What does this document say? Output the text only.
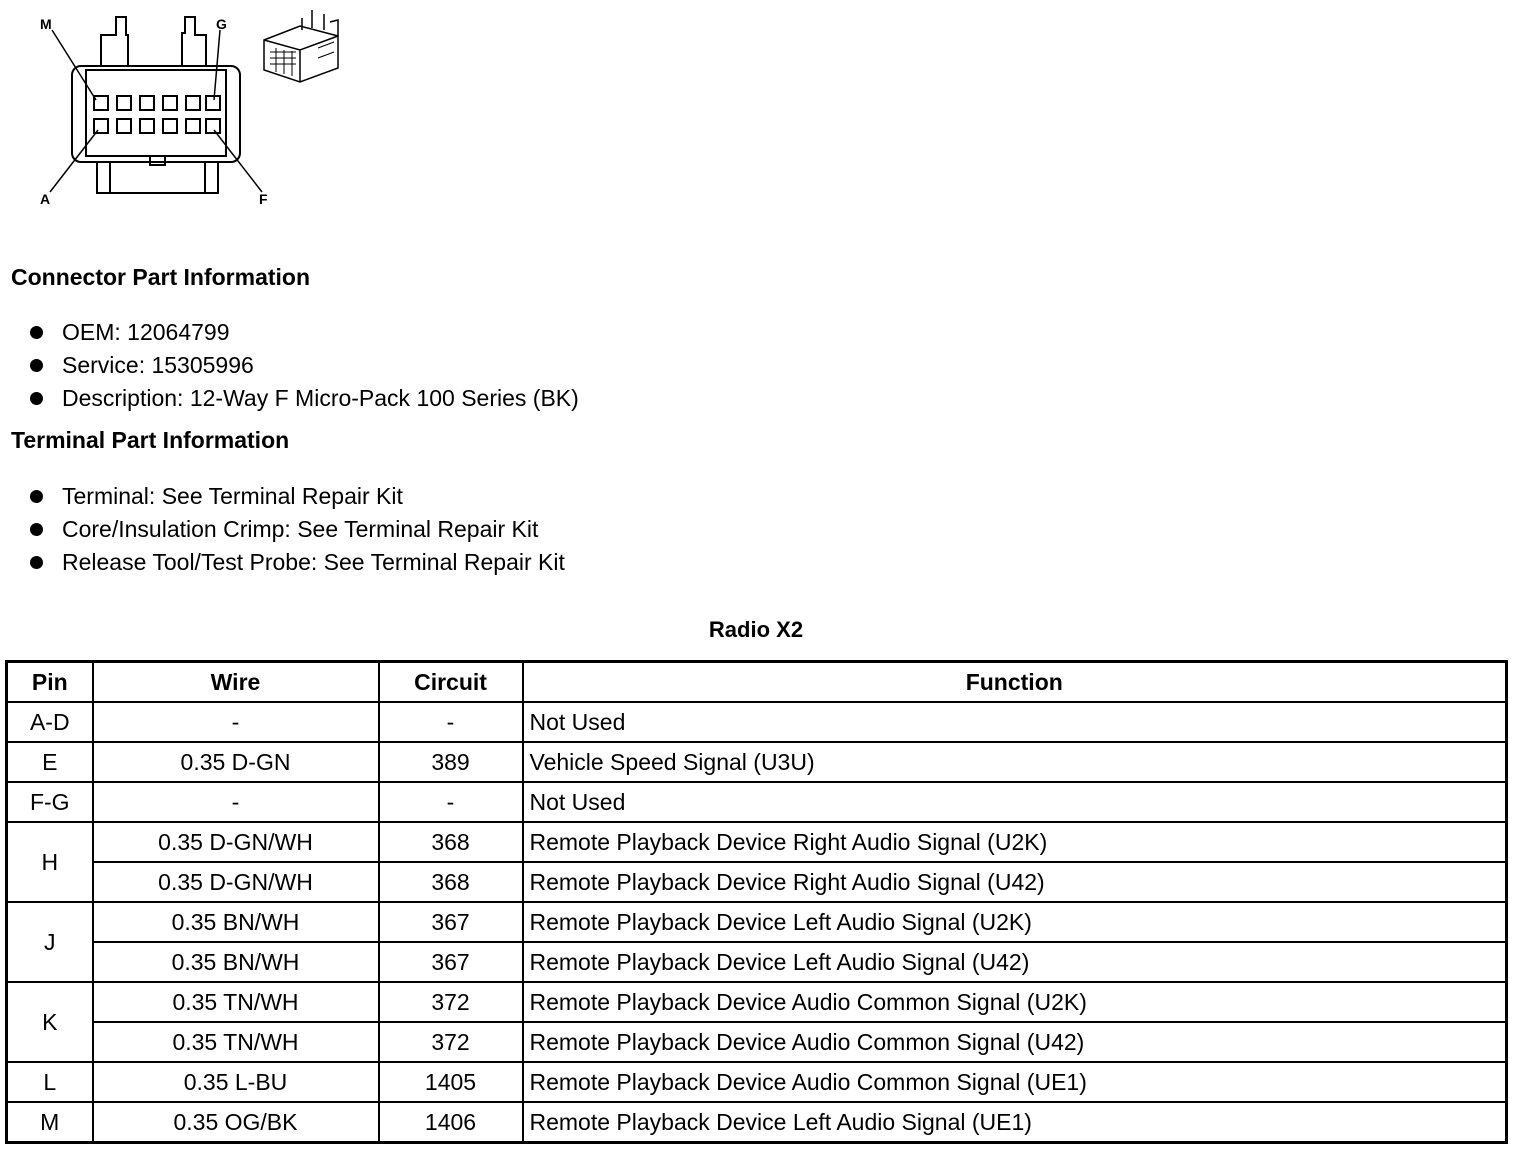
M	G
A	F
Connector Part Information
OEM: 12064799
Service: 15305996
Description: 12-Way F Micro-Pack 100 Series (BK)
Terminal Part Information
Terminal: See Terminal Repair Kit
Core/Insulation Crimp: See Terminal Repair Kit
Release Tool/Test Probe: See Terminal Repair Kit
Radio X2
Pin	Wire	Circuit	Function
A-D	-	-	Not Used
E	0.35 D-GN	389	Vehicle Speed Signal (U3U)
F-G	-	-	Not Used
H	0.35 D-GN/WH	368	Remote Playback Device Right Audio Signal (U2K)
	0.35 D-GN/WH	368	Remote Playback Device Right Audio Signal (U42)
J	0.35 BN/WH	367	Remote Playback Device Left Audio Signal (U2K)
	0.35 BN/WH	367	Remote Playback Device Left Audio Signal (U42)
K	0.35 TN/WH	372	Remote Playback Device Audio Common Signal (U2K)
	0.35 TN/WH	372	Remote Playback Device Audio Common Signal (U42)
L	0.35 L-BU	1405	Remote Playback Device Audio Common Signal (UE1)
M	0.35 OG/BK	1406	Remote Playback Device Left Audio Signal (UE1)
